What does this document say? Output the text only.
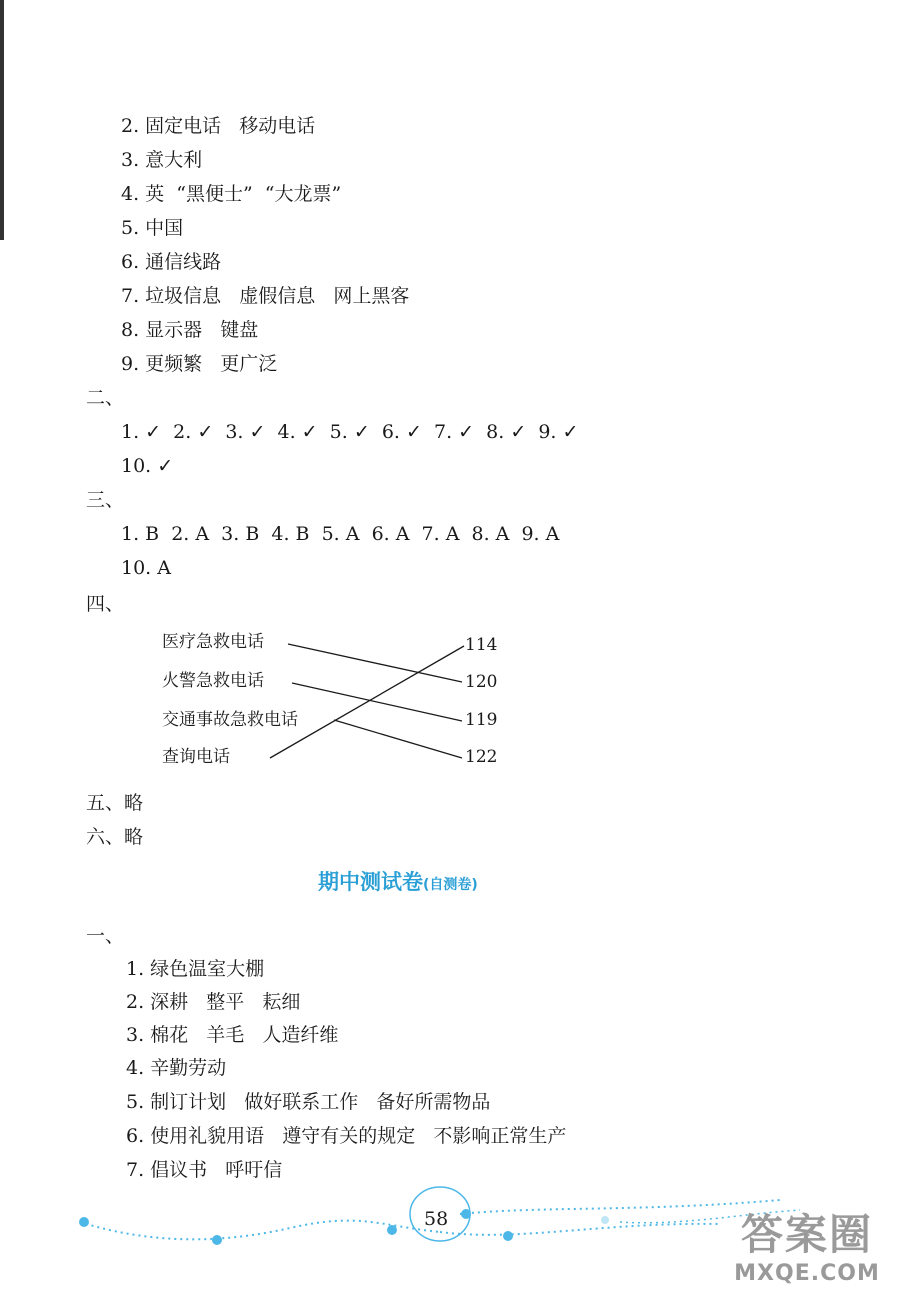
2. 固定电话   移动电话
3. 意大利
4. 英  “黑便士”  “大龙票”
5. 中国
6. 通信线路
7. 垃圾信息   虚假信息   网上黑客
8. 显示器   键盘
9. 更频繁   更广泛
二、
1. ✓  2. ✓  3. ✓  4. ✓  5. ✓  6. ✓  7. ✓  8. ✓  9. ✓
10. ✓
三、
1. B  2. A  3. B  4. B  5. A  6. A  7. A  8. A  9. A
10. A
四、
医疗急救电话
火警急救电话
交通事故急救电话
查询电话
114
120
119
122
五、略
六、略
期中测试卷(自测卷)
一、
1. 绿色温室大棚
2. 深耕   整平   耘细
3. 棉花   羊毛   人造纤维
4. 辛勤劳动
5. 制订计划   做好联系工作   备好所需物品
6. 使用礼貌用语   遵守有关的规定   不影响正常生产
7. 倡议书   呼吁信
58	答案圈
MXQE.COM
